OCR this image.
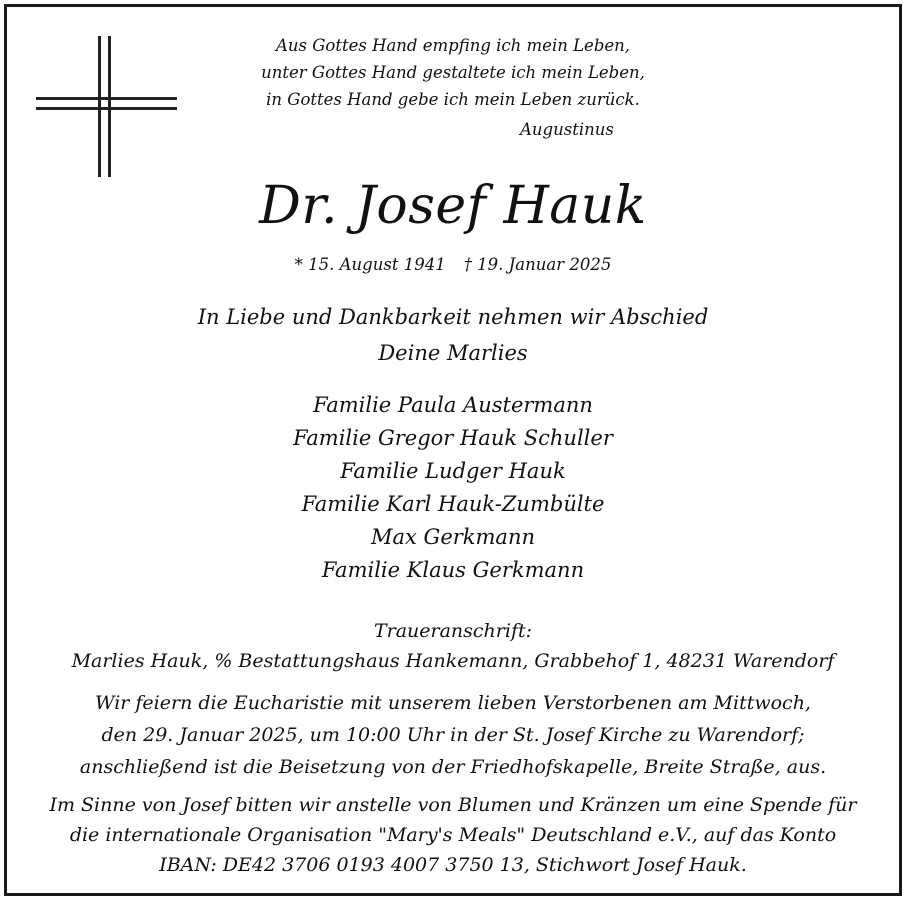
Aus Gottes Hand empfing ich mein Leben,
unter Gottes Hand gestaltete ich mein Leben,
in Gottes Hand gebe ich mein Leben zurück.
Augustinus
Dr. Josef Hauk
* 15. August 1941 † 19. Januar 2025
In Liebe und Dankbarkeit nehmen wir Abschied
Deine Marlies
Familie Paula Austermann
Familie Gregor Hauk Schuller
Familie Ludger Hauk
Familie Karl Hauk-Zumbülte
Max Gerkmann
Familie Klaus Gerkmann
Traueranschrift:
Marlies Hauk, % Bestattungshaus Hankemann, Grabbehof 1, 48231 Warendorf
Wir feiern die Eucharistie mit unserem lieben Verstorbenen am Mittwoch,
den 29. Januar 2025, um 10:00 Uhr in der St. Josef Kirche zu Warendorf;
anschließend ist die Beisetzung von der Friedhofskapelle, Breite Straße, aus.
Im Sinne von Josef bitten wir anstelle von Blumen und Kränzen um eine Spende für
die internationale Organisation "Mary's Meals" Deutschland e.V., auf das Konto
IBAN: DE42 3706 0193 4007 3750 13, Stichwort Josef Hauk.
